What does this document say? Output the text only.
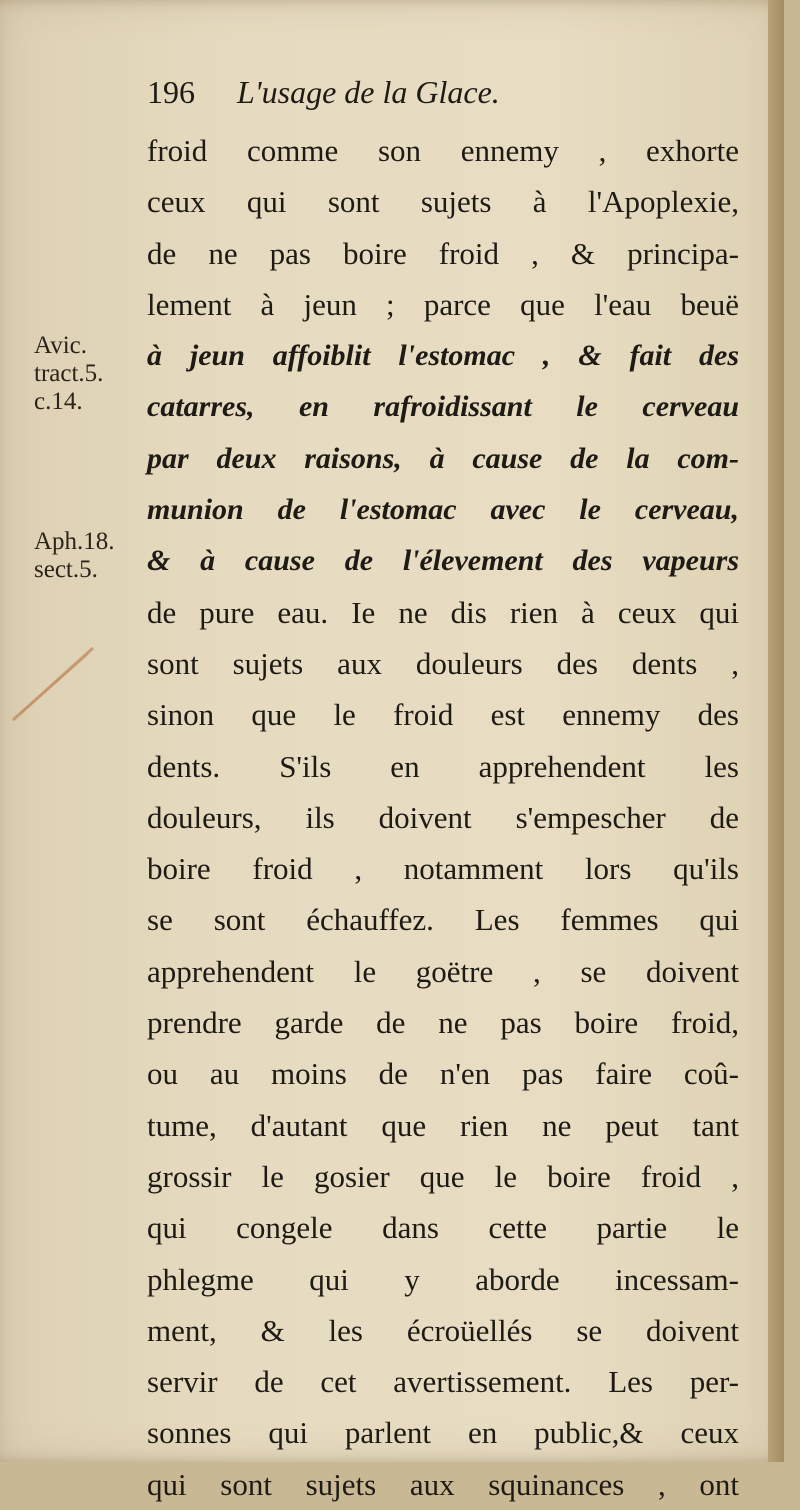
196 L'usage de la Glace.
Avic.
tract.5.
c.14.
Aph.18.
sect.5.
froid comme son ennemy , exhorte
ceux qui sont sujets à l'Apoplexie,
de ne pas boire froid , & principa-
lement à jeun ; parce que l'eau beuë
à jeun affoiblit l'estomac , & fait des
catarres, en rafroidissant le cerveau
par deux raisons, à cause de la com-
munion de l'estomac avec le cerveau,
& à cause de l'élevement des vapeurs
de pure eau. Ie ne dis rien à ceux qui
sont sujets aux douleurs des dents ,
sinon que le froid est ennemy des
dents. S'ils en apprehendent les
douleurs, ils doivent s'empescher de
boire froid , notamment lors qu'ils
se sont échauffez. Les femmes qui
apprehendent le goëtre , se doivent
prendre garde de ne pas boire froid,
ou au moins de n'en pas faire coû-
tume, d'autant que rien ne peut tant
grossir le gosier que le boire froid ,
qui congele dans cette partie le
phlegme qui y aborde incessam-
ment, & les écroüellés se doivent
servir de cet avertissement. Les per-
sonnes qui parlent en public,& ceux
qui sont sujets aux squinances , ont
